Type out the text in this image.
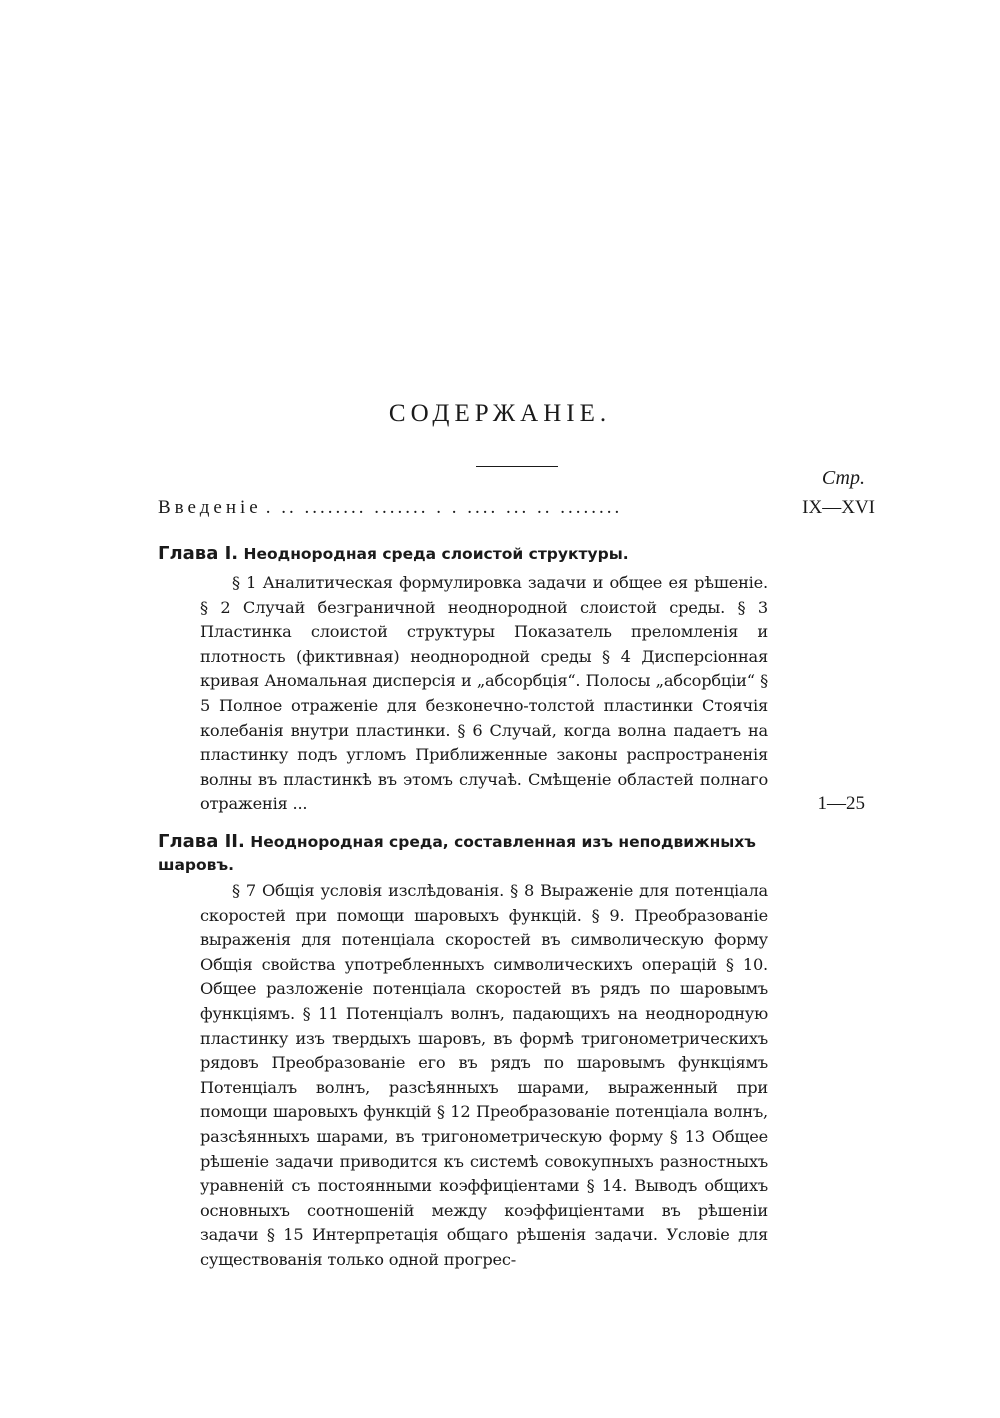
СОДЕРЖАНIЕ.
Стр.
Введенiе . .. ........ ....... . . .... ... .. ........	IX—XVI
Глава I. Неоднородная среда слоистой структуры.
§ 1 Аналитическая формулировка задачи и общее ея рѣшенiе. § 2 Случай безграничной неоднородной слоистой среды. § 3 Пластинка слоистой структуры Показатель преломленiя и плотность (фиктивная) неоднородной среды § 4 Дисперсiонная кривая Аномальная дисперсiя и „абсорбцiя“. Полосы „абсорбцiи“ § 5 Полное отраженiе для безконечно-толстой пластинки Стоячiя колебанiя внутри пластинки. § 6 Случай, когда волна падаетъ на пластинку подъ угломъ Приближенные законы распространенiя волны въ пластинкѣ въ этомъ случаѣ. Смѣщенiе областей полнаго отраженiя ...	1—25
Глава II. Неоднородная среда, составленная изъ неподвижныхъ шаровъ.
§ 7 Общiя условiя изслѣдованiя. § 8 Выраженiе для потенцiала скоростей при помощи шаровыхъ функцiй. § 9. Преобразованiе выраженiя для потенцiала скоростей въ символическую форму Общiя свойства употребленныхъ символическихъ операцiй § 10. Общее разложенiе потенцiала скоростей въ рядъ по шаровымъ функцiямъ. § 11 Потенцiалъ волнъ, падающихъ на неоднородную пластинку изъ твердыхъ шаровъ, въ формѣ тригонометрическихъ рядовъ Преобразованiе его въ рядъ по шаровымъ функцiямъ Потенцiалъ волнъ, разсѣянныхъ шарами, выраженный при помощи шаровыхъ функцiй § 12 Преобразованiе потенцiала волнъ, разсѣянныхъ шарами, въ тригонометрическую форму § 13 Общее рѣшенiе задачи приводится къ системѣ совокупныхъ разностныхъ уравненiй съ постоянными коэффицiентами § 14. Выводъ общихъ основныхъ соотношенiй между коэффицiентами въ рѣшенiи задачи § 15 Интерпретацiя общаго рѣшенiя задачи. Условiе для существованiя только одной прогрес-
